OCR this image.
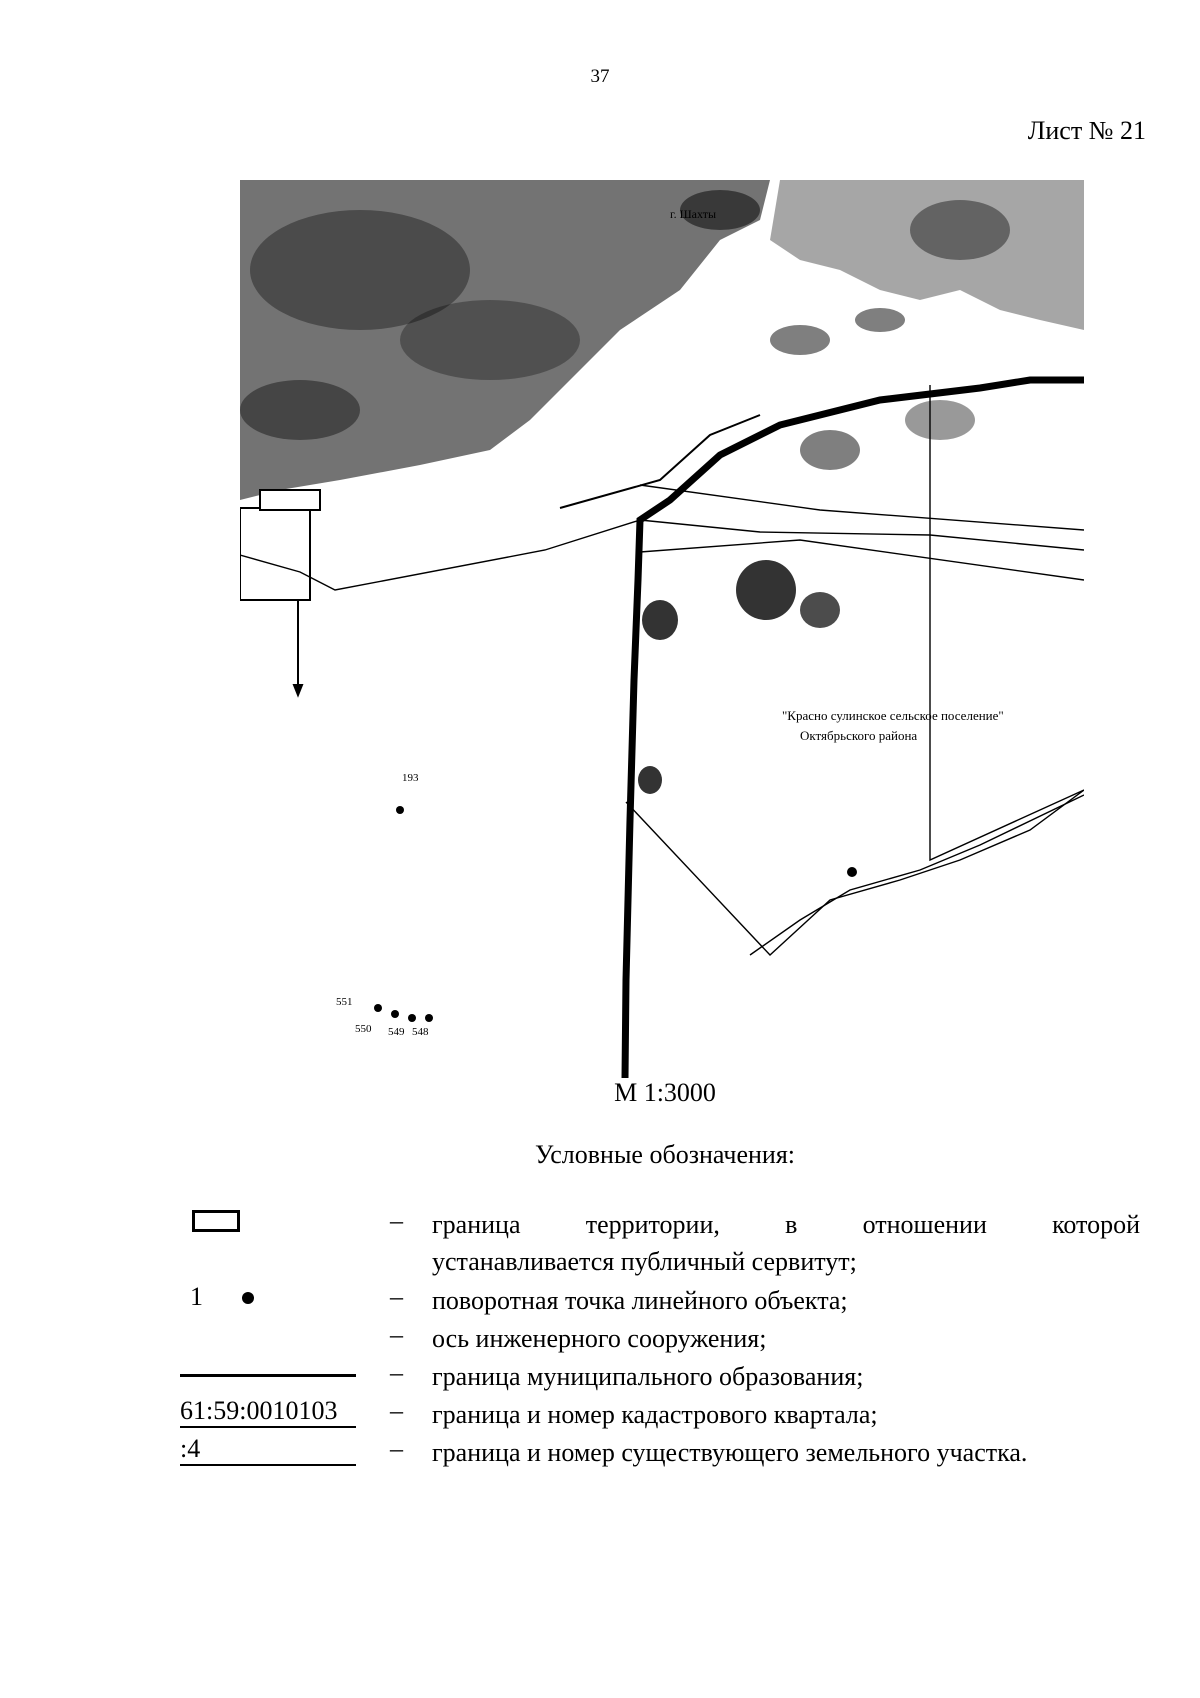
37
Лист № 21
"Красно сулинское сельское поселение"
Октябрьского района
193
551
550 549 548
г. Шахты
М 1:3000
Условные обозначения:
– граница территории, в отношении которой
устанавливается публичный сервитут;
1	– поворотная точка линейного объекта;
– ось инженерного сооружения;
– граница муниципального образования;
61:59:0010103	– граница и номер кадастрового квартала;
:4	– граница и номер существующего земельного участка.
